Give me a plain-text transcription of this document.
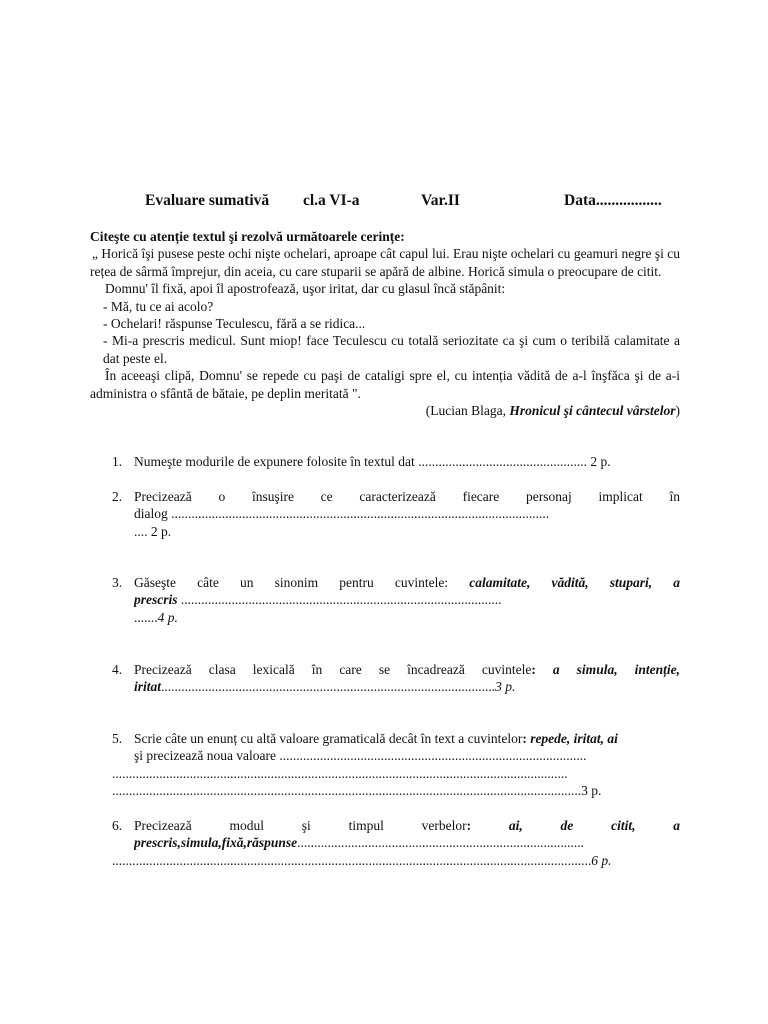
Evaluare sumativă cl.a VI-a	Var.II	Data.................

Citeşte cu atenție textul şi rezolvă următoarele cerințe:

„ Horică îşi pusese peste ochi nişte ochelari, aproape cât capul lui. Erau nişte ochelari cu geamuri negre şi cu rețea de sârmă împrejur, din aceia, cu care stuparii se apără de albine. Horică simula o preocupare de citit.

Domnu' îl fixă, apoi îl apostrofează, uşor iritat, dar cu glasul încă stăpânit:

- Mă, tu ce ai acolo?

- Ochelari! răspunse Teculescu, fără a se ridica...

- Mi-a prescris medicul. Sunt miop! face Teculescu cu totală seriozitate ca şi cum o teribilă calamitate a dat peste el.

În aceeaşi clipă, Domnu' se repede cu paşi de cataligi spre el, cu intenția vădită de a-l înşfăca şi de a-i administra o sfântă de bătaie, pe deplin meritată ".

(Lucian Blaga, Hronicul şi cântecul vârstelor)

1. Numeşte modurile de expunere folosite în textul dat .................................................. 2 p.
2. Precizează o însuşire ce caracterizează fiecare personaj implicat în
dialog ................................................................................................................
.... 2 p.
3. Găseşte câte un sinonim pentru cuvintele: calamitate, vădită, stupari, a
prescris ...............................................................................................
.......4 p.
4. Precizează clasa lexicală în care se încadrează cuvintele: a simula, intenție,
iritat...................................................................................................3 p.
5. Scrie câte un enunț cu altă valoare gramaticală decât în text a cuvintelor: repede, iritat, ai
şi precizează noua valoare ...........................................................................................
.......................................................................................................................................
...........................................................................................................................................3 p.
6. Precizează modul şi timpul verbelor: ai, de citit, a
prescris,simula,fixă,răspunse.....................................................................................
..............................................................................................................................................6 p.
